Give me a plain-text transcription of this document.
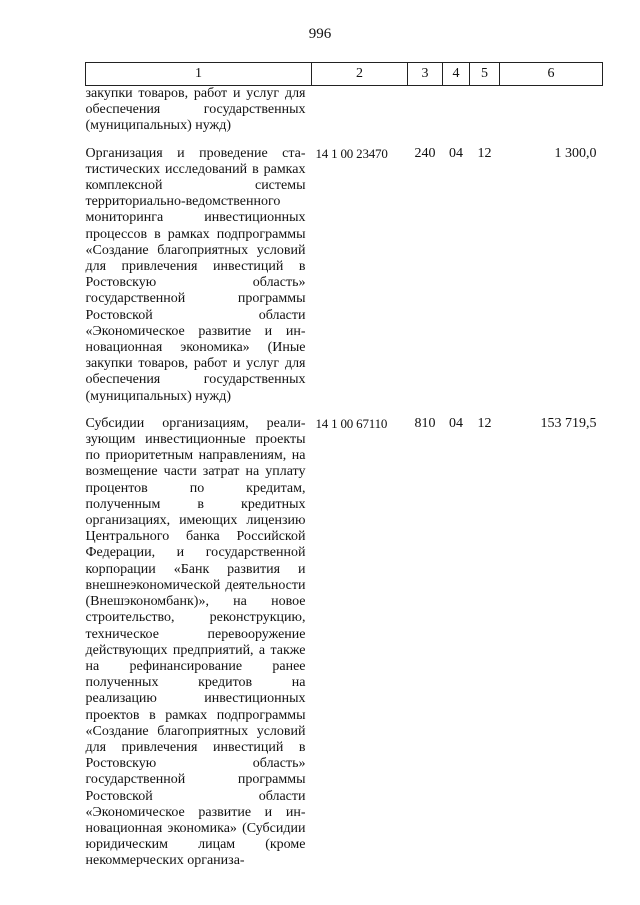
996
1	2	3	4	5	6
закупки товаров, работ и услуг для обеспечения государственных (муниципальных) нужд)					
Организация и проведение статистических исследований в рамках комплексной системы территориально-ведомственного мониторинга инвестиционных процессов в рамках подпрограммы «Создание благоприятных условий для привлечения инвестиций в Ростовскую область» государственной программы Ростовской области «Экономическое развитие и инновационная экономика» (Иные закупки товаров, работ и услуг для обеспечения государственных (муниципальных) нужд)	14 1 00 23470	240	04	12	1 300,0
Субсидии организациям, реализующим инвестиционные проекты по приоритетным направлениям, на возмещение части затрат на уплату процентов по кредитам, полученным в кредитных организациях, имеющих лицензию Центрального банка Российской Федерации, и государственной корпорации «Банк развития и внешнеэкономической деятельности (Внешэкономбанк)», на новое строительство, реконструкцию, техническое перевооружение действующих предприятий, а также на рефинансирование ранее полученных кредитов на реализацию инвестиционных проектов в рамках подпрограммы «Создание благоприятных условий для привлечения инвестиций в Ростовскую область» государственной программы Ростовской области «Экономическое развитие и инновационная экономика» (Субсидии юридическим лицам (кроме некоммерческих организа-	14 1 00 67110	810	04	12	153 719,5
